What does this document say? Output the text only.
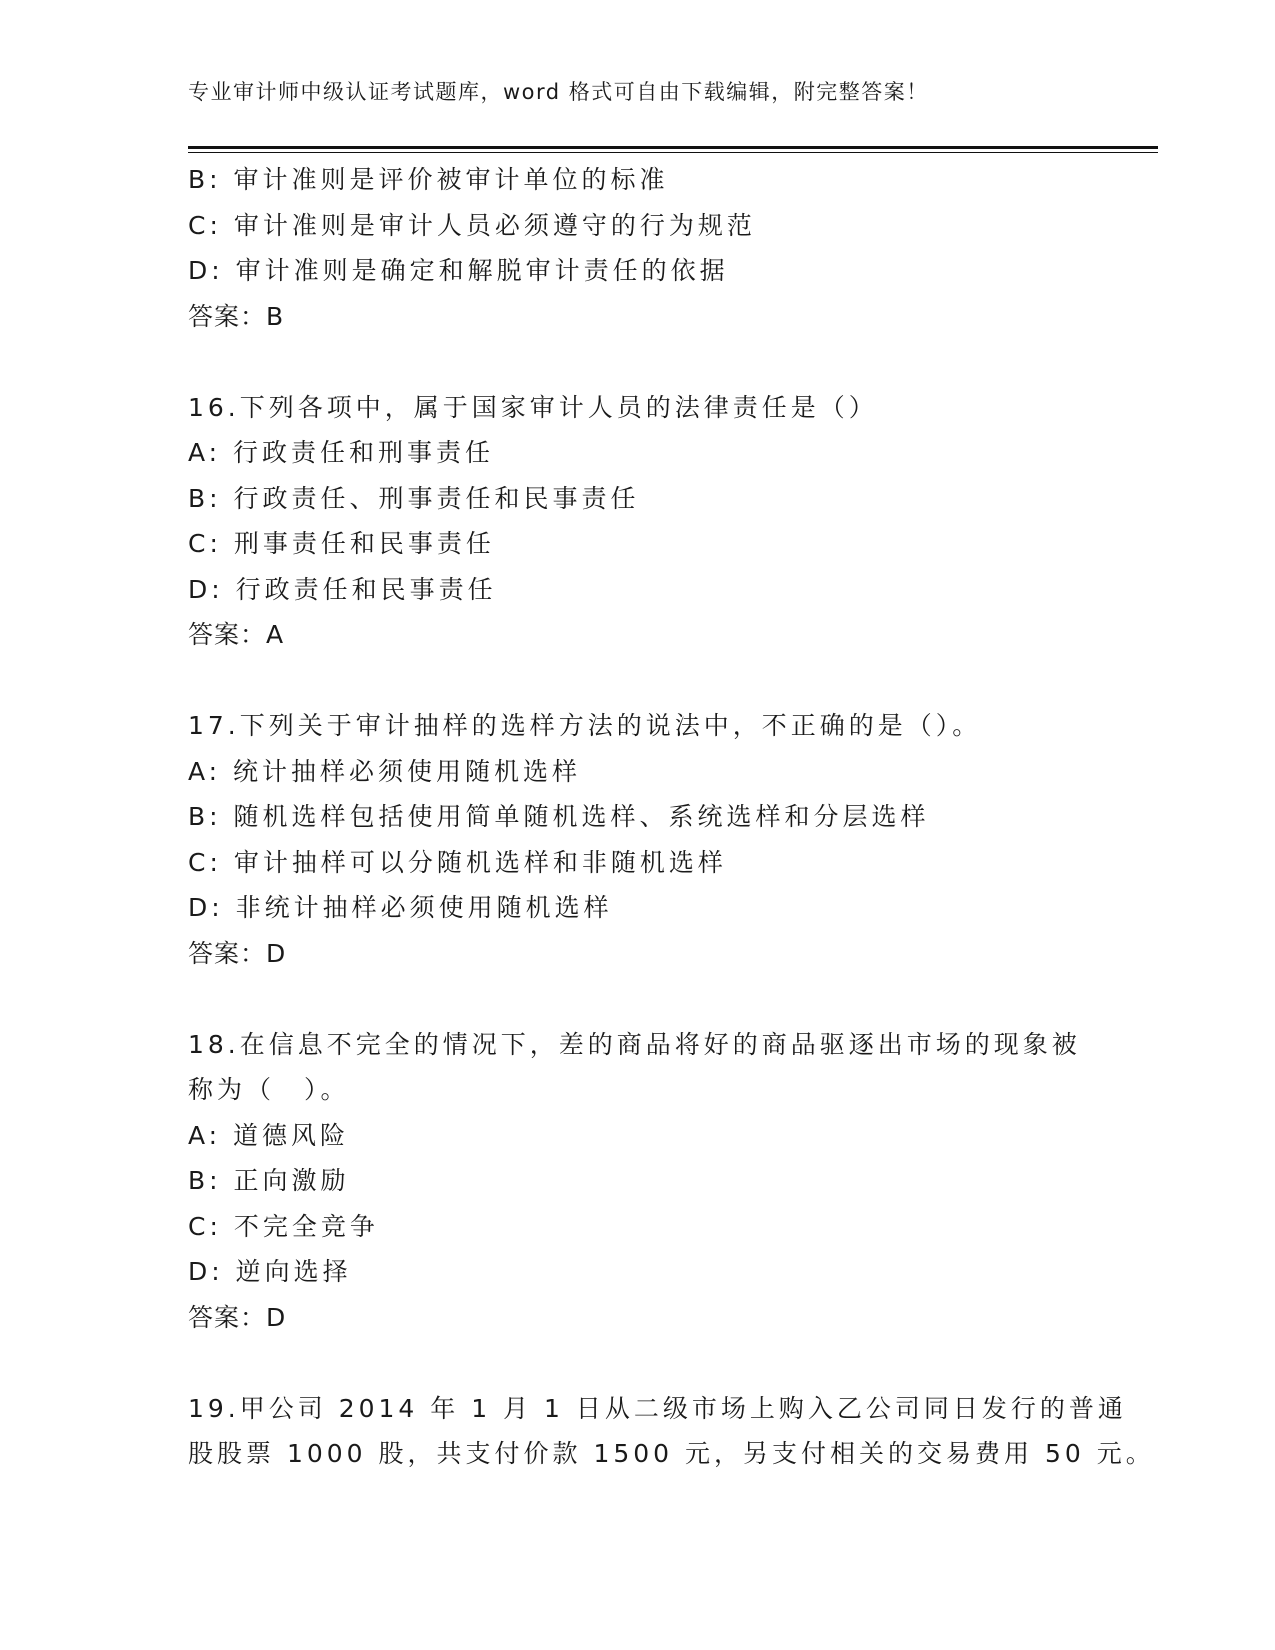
专业审计师中级认证考试题库，word 格式可自由下载编辑，附完整答案！
B: 审计准则是评价被审计单位的标准
C: 审计准则是审计人员必须遵守的行为规范
D: 审计准则是确定和解脱审计责任的依据
答案：B
16.下列各项中，属于国家审计人员的法律责任是（）
A: 行政责任和刑事责任
B: 行政责任、刑事责任和民事责任
C: 刑事责任和民事责任
D: 行政责任和民事责任
答案：A
17.下列关于审计抽样的选样方法的说法中，不正确的是（）。
A: 统计抽样必须使用随机选样
B: 随机选样包括使用简单随机选样、系统选样和分层选样
C: 审计抽样可以分随机选样和非随机选样
D: 非统计抽样必须使用随机选样
答案：D
18.在信息不完全的情况下，差的商品将好的商品驱逐出市场的现象被
称为（　）。
A: 道德风险
B: 正向激励
C: 不完全竞争
D: 逆向选择
答案：D
19.甲公司 2014 年 1 月 1 日从二级市场上购入乙公司同日发行的普通
股股票 1000 股，共支付价款 1500 元，另支付相关的交易费用 50 元。
